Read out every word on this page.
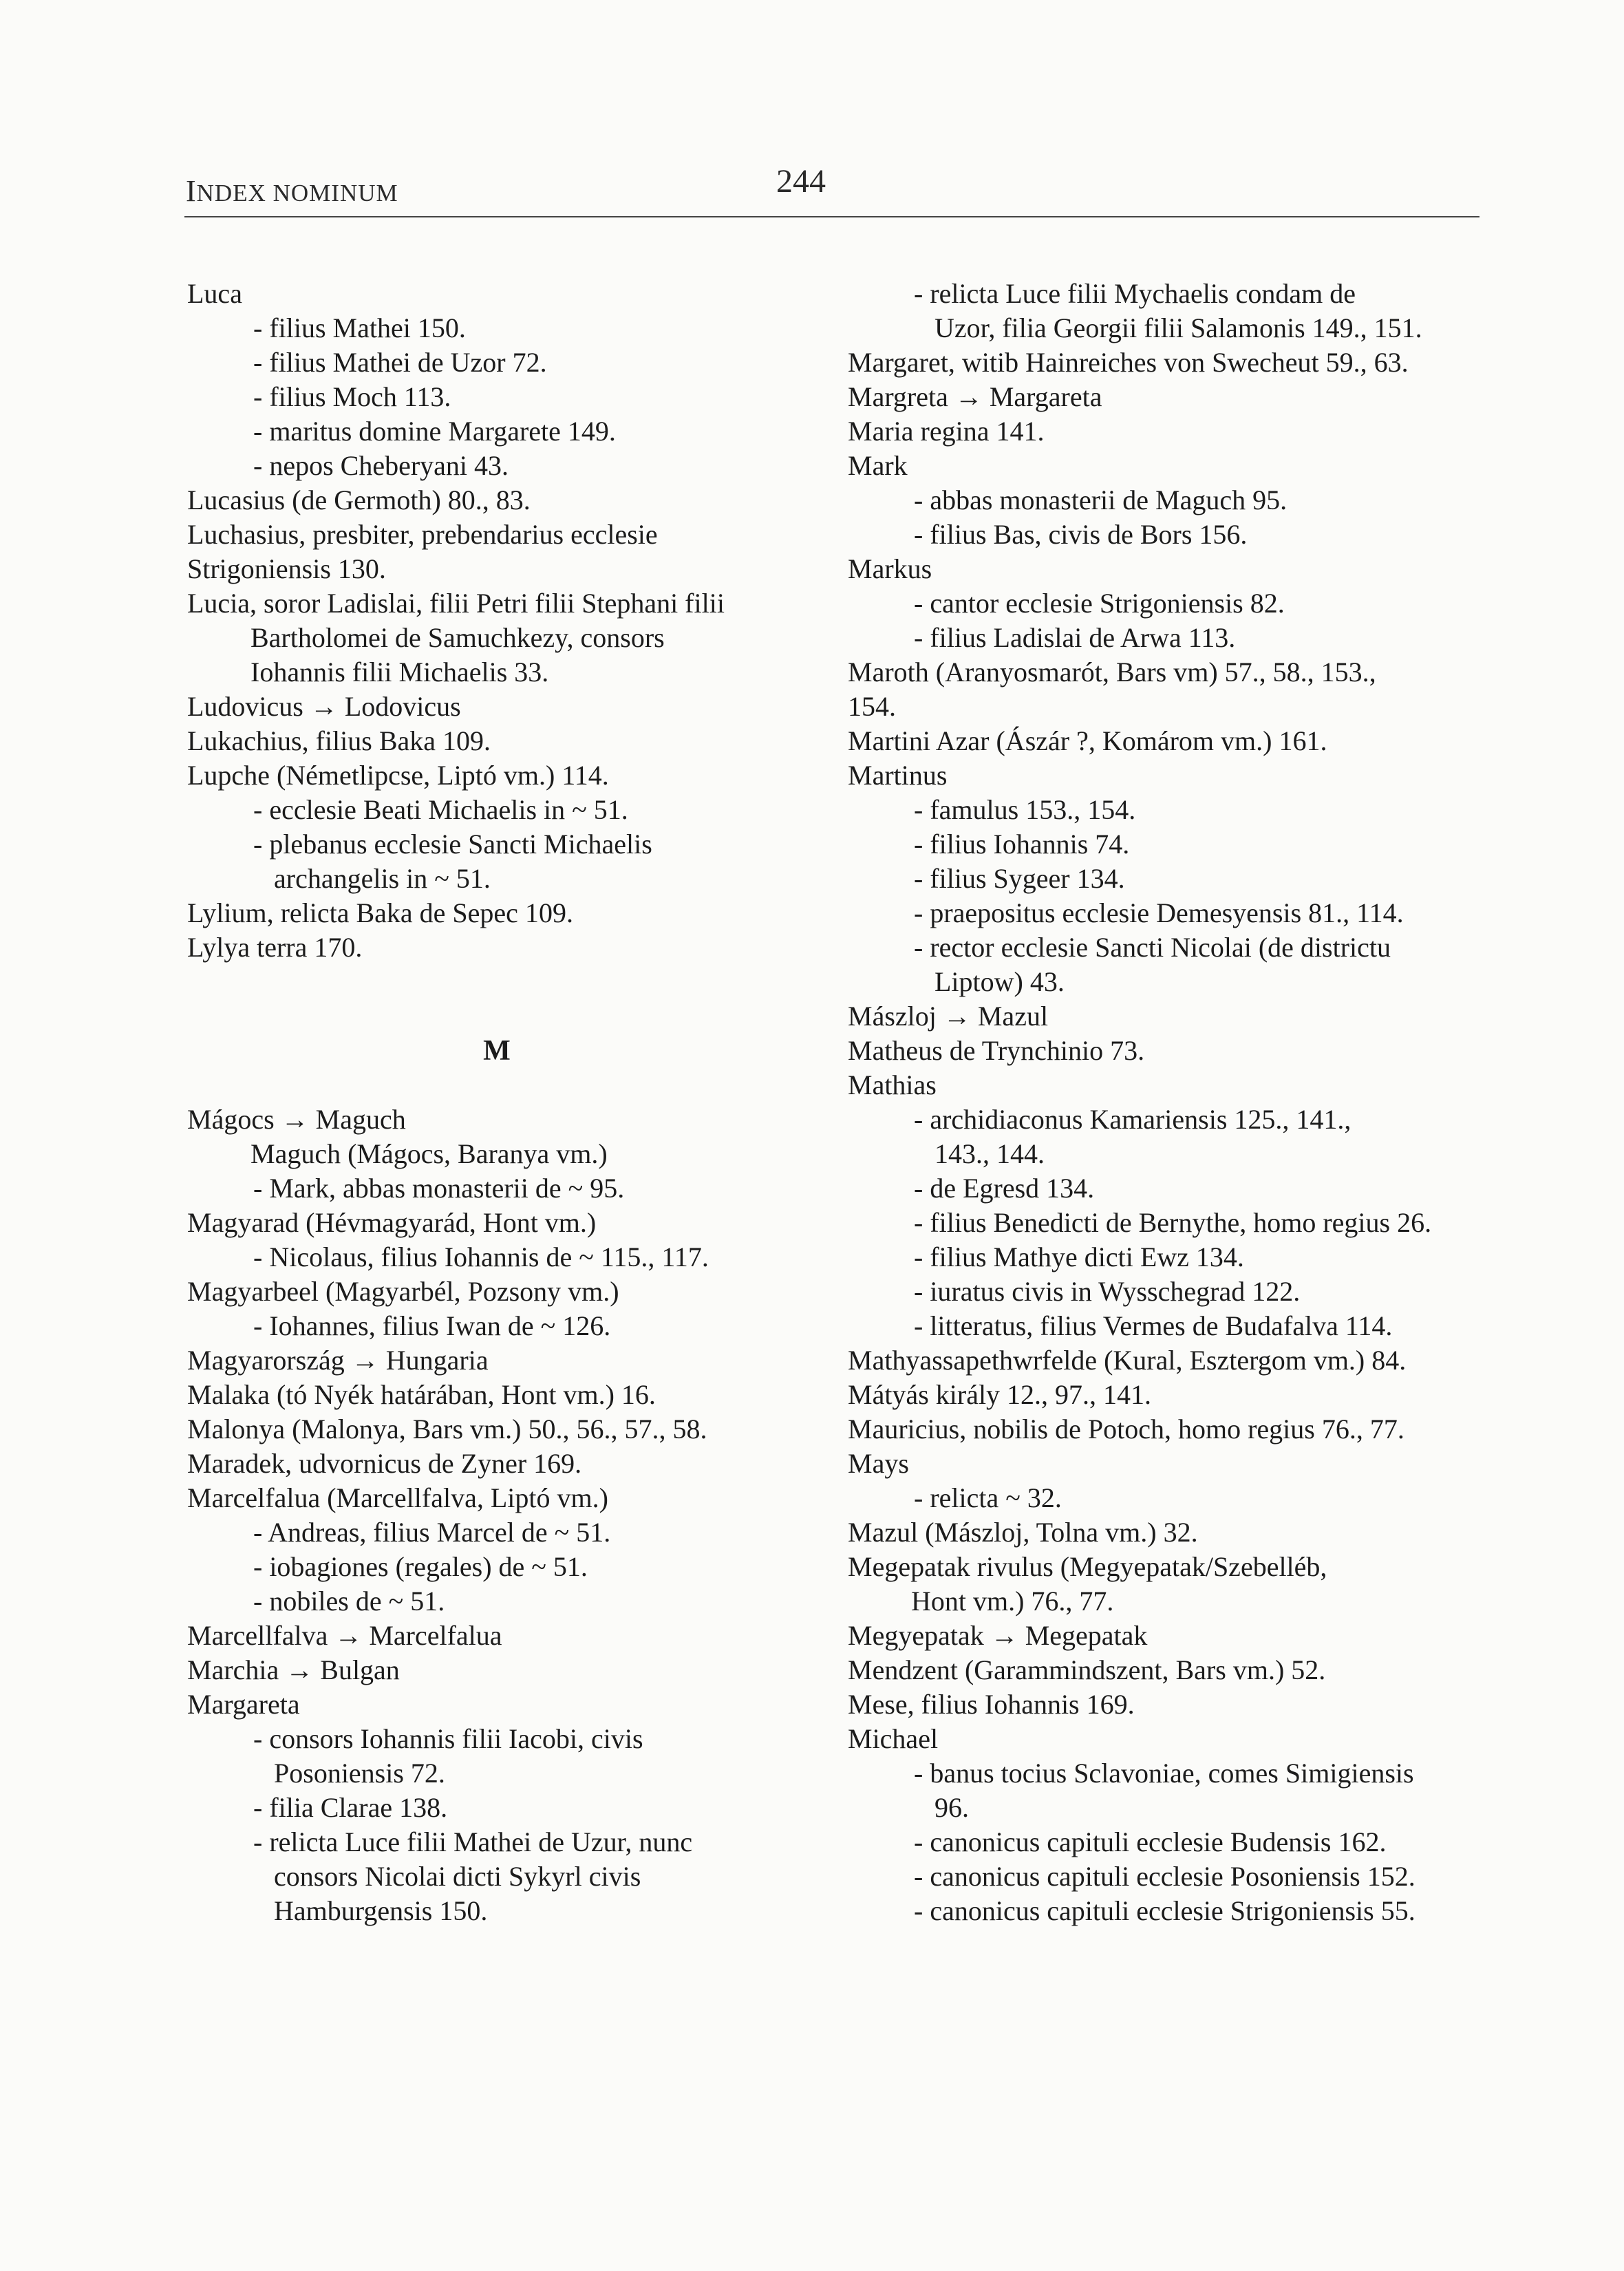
INDEX NOMINUM	244
Luca
- filius Mathei 150.
- filius Mathei de Uzor 72.
- filius Moch 113.
- maritus domine Margarete 149.
- nepos Cheberyani 43.
Lucasius (de Germoth) 80., 83.
Luchasius, presbiter, prebendarius ecclesie
Strigoniensis 130.
Lucia, soror Ladislai, filii Petri filii Stephani filii
Bartholomei de Samuchkezy, consors
Iohannis filii Michaelis 33.
Ludovicus → Lodovicus
Lukachius, filius Baka 109.
Lupche (Németlipcse, Liptó vm.) 114.
- ecclesie Beati Michaelis in ~ 51.
- plebanus ecclesie Sancti Michaelis
archangelis in ~ 51.
Lylium, relicta Baka de Sepec 109.
Lylya terra 170.
M
Mágocs → Maguch
Maguch (Mágocs, Baranya vm.)
- Mark, abbas monasterii de ~ 95.
Magyarad (Hévmagyarád, Hont vm.)
- Nicolaus, filius Iohannis de ~ 115., 117.
Magyarbeel (Magyarbél, Pozsony vm.)
- Iohannes, filius Iwan de ~ 126.
Magyarország → Hungaria
Malaka (tó Nyék határában, Hont vm.) 16.
Malonya (Malonya, Bars vm.) 50., 56., 57., 58.
Maradek, udvornicus de Zyner 169.
Marcelfalua (Marcellfalva, Liptó vm.)
- Andreas, filius Marcel de ~ 51.
- iobagiones (regales) de ~ 51.
- nobiles de ~ 51.
Marcellfalva → Marcelfalua
Marchia → Bulgan
Margareta
- consors Iohannis filii Iacobi, civis
Posoniensis 72.
- filia Clarae 138.
- relicta Luce filii Mathei de Uzur, nunc
consors Nicolai dicti Sykyrl civis
Hamburgensis 150.
- relicta Luce filii Mychaelis condam de
Uzor, filia Georgii filii Salamonis 149., 151.
Margaret, witib Hainreiches von Swecheut 59., 63.
Margreta → Margareta
Maria regina 141.
Mark
- abbas monasterii de Maguch 95.
- filius Bas, civis de Bors 156.
Markus
- cantor ecclesie Strigoniensis 82.
- filius Ladislai de Arwa 113.
Maroth (Aranyosmarót, Bars vm) 57., 58., 153.,
154.
Martini Azar (Ászár ?, Komárom vm.) 161.
Martinus
- famulus 153., 154.
- filius Iohannis 74.
- filius Sygeer 134.
- praepositus ecclesie Demesyensis 81., 114.
- rector ecclesie Sancti Nicolai (de districtu
Liptow) 43.
Mászloj → Mazul
Matheus de Trynchinio 73.
Mathias
- archidiaconus Kamariensis 125., 141.,
143., 144.
- de Egresd 134.
- filius Benedicti de Bernythe, homo regius 26.
- filius Mathye dicti Ewz 134.
- iuratus civis in Wysschegrad 122.
- litteratus, filius Vermes de Budafalva 114.
Mathyassapethwrfelde (Kural, Esztergom vm.) 84.
Mátyás király 12., 97., 141.
Mauricius, nobilis de Potoch, homo regius 76., 77.
Mays
- relicta ~ 32.
Mazul (Mászloj, Tolna vm.) 32.
Megepatak rivulus (Megyepatak/Szebelléb,
Hont vm.) 76., 77.
Megyepatak → Megepatak
Mendzent (Garammindszent, Bars vm.) 52.
Mese, filius Iohannis 169.
Michael
- banus tocius Sclavoniae, comes Simigiensis
96.
- canonicus capituli ecclesie Budensis 162.
- canonicus capituli ecclesie Posoniensis 152.
- canonicus capituli ecclesie Strigoniensis 55.
